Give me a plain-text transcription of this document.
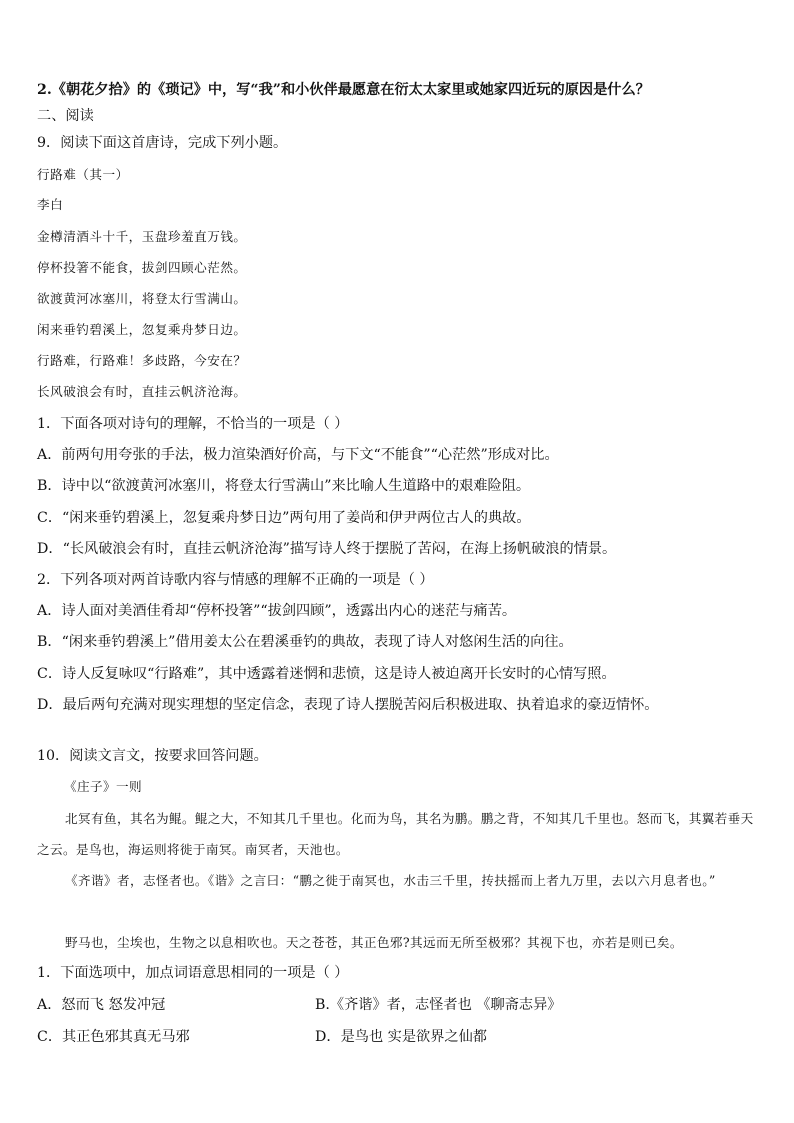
2.《朝花夕拾》的《琐记》中，写“我”和小伙伴最愿意在衍太太家里或她家四近玩的原因是什么？
二、阅读
9．阅读下面这首唐诗，完成下列小题。
行路难（其一）
李白
金樽清酒斗十千，玉盘珍羞直万钱。
停杯投箸不能食，拔剑四顾心茫然。
欲渡黄河冰塞川，将登太行雪满山。
闲来垂钓碧溪上，忽复乘舟梦日边。
行路难，行路难！多歧路，今安在？
长风破浪会有时，直挂云帆济沧海。
1．下面各项对诗句的理解，不恰当的一项是（ ）
A．前两句用夸张的手法，极力渲染酒好价高，与下文“不能食”“心茫然”形成对比。
B．诗中以“欲渡黄河冰塞川，将登太行雪满山”来比喻人生道路中的艰难险阻。
C．“闲来垂钓碧溪上，忽复乘舟梦日边”两句用了姜尚和伊尹两位古人的典故。
D．“长风破浪会有时，直挂云帆济沧海”描写诗人终于摆脱了苦闷，在海上扬帆破浪的情景。
2．下列各项对两首诗歌内容与情感的理解不正确的一项是（ ）
A．诗人面对美酒佳肴却“停杯投箸”“拔剑四顾”，透露出内心的迷茫与痛苦。
B．“闲来垂钓碧溪上”借用姜太公在碧溪垂钓的典故，表现了诗人对悠闲生活的向往。
C．诗人反复咏叹“行路难”，其中透露着迷惘和悲愤，这是诗人被迫离开长安时的心情写照。
D．最后两句充满对现实理想的坚定信念，表现了诗人摆脱苦闷后积极进取、执着追求的豪迈情怀。
10．阅读文言文，按要求回答问题。
《庄子》一则
北冥有鱼，其名为鲲。鲲之大，不知其几千里也。化而为鸟，其名为鹏。鹏之背，不知其几千里也。怒而飞，其翼若垂天之云。是鸟也，海运则将徙于南冥。南冥者，天池也。
《齐谐》者，志怪者也。《谐》之言曰：“鹏之徙于南冥也，水击三千里，抟扶摇而上者九万里，去以六月息者也。”
野马也，尘埃也，生物之以息相吹也。天之苍苍，其正色邪?其远而无所至极邪？其视下也，亦若是则已矣。
1．下面选项中，加点词语意思相同的一项是（ ）
A．怒而飞 怒发冲冠	B.《齐谐》者，志怪者也 《聊斋志异》
C．其正色邪其真无马邪	D．是鸟也 实是欲界之仙都
